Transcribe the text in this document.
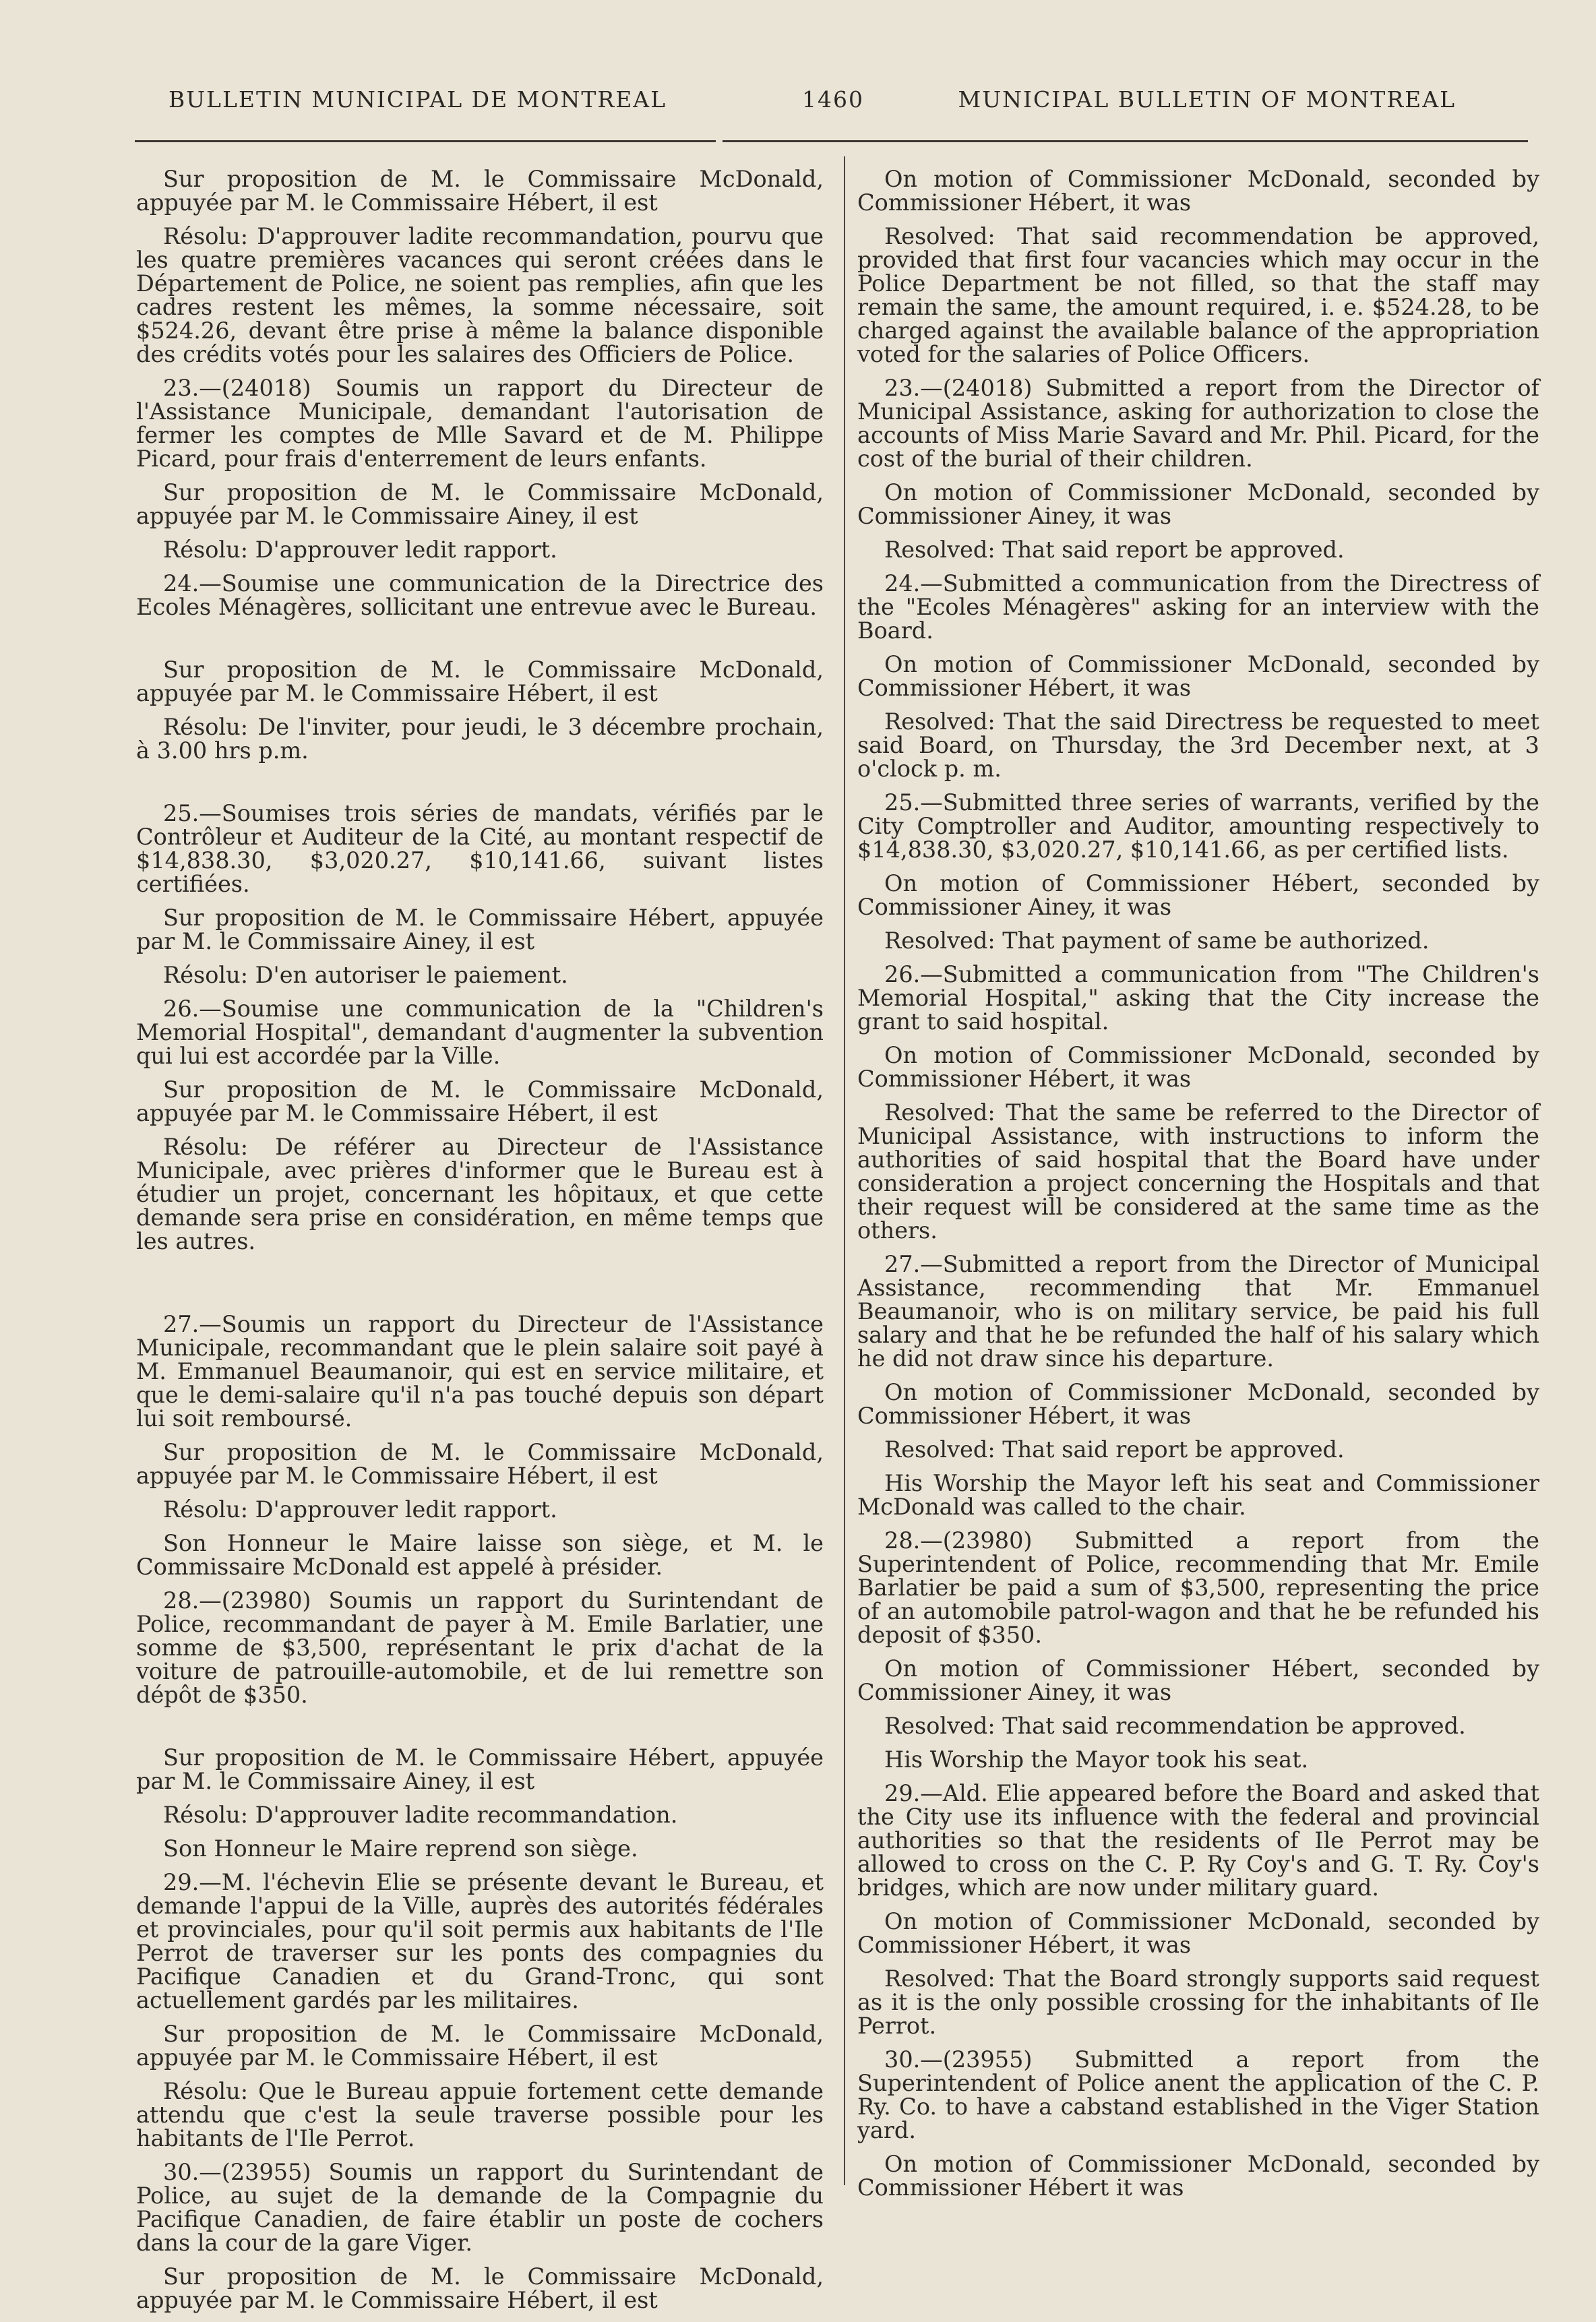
BULLETIN MUNICIPAL DE MONTREAL	1460	MUNICIPAL BULLETIN OF MONTREAL

Sur proposition de M. le Commissaire McDonald, appuyée par M. le Commissaire Hébert, il est

Résolu: D'approuver ladite recommandation, pourvu que les quatre premières vacances qui seront créées dans le Département de Police, ne soient pas remplies, afin que les cadres restent les mêmes, la somme nécessaire, soit $524.26, devant être prise à même la balance disponible des crédits votés pour les salaires des Officiers de Police.

23.—(24018) Soumis un rapport du Directeur de l'Assistance Municipale, demandant l'autorisation de fermer les comptes de Mlle Savard et de M. Philippe Picard, pour frais d'enterrement de leurs enfants.

Sur proposition de M. le Commissaire McDonald, appuyée par M. le Commissaire Ainey, il est

Résolu: D'approuver ledit rapport.

24.—Soumise une communication de la Directrice des Ecoles Ménagères, sollicitant une entrevue avec le Bureau.

Sur proposition de M. le Commissaire McDonald, appuyée par M. le Commissaire Hébert, il est

Résolu: De l'inviter, pour jeudi, le 3 décembre prochain, à 3.00 hrs p.m.

25.—Soumises trois séries de mandats, vérifiés par le Contrôleur et Auditeur de la Cité, au montant respectif de $14,838.30, $3,020.27, $10,141.66, suivant listes certifiées.

Sur proposition de M. le Commissaire Hébert, appuyée par M. le Commissaire Ainey, il est

Résolu: D'en autoriser le paiement.

26.—Soumise une communication de la "Children's Memorial Hospital", demandant d'augmenter la subvention qui lui est accordée par la Ville.

Sur proposition de M. le Commissaire McDonald, appuyée par M. le Commissaire Hébert, il est

Résolu: De référer au Directeur de l'Assistance Municipale, avec prières d'informer que le Bureau est à étudier un projet, concernant les hôpitaux, et que cette demande sera prise en considération, en même temps que les autres.

27.—Soumis un rapport du Directeur de l'Assistance Municipale, recommandant que le plein salaire soit payé à M. Emmanuel Beaumanoir, qui est en service militaire, et que le demi-salaire qu'il n'a pas touché depuis son départ lui soit remboursé.

Sur proposition de M. le Commissaire McDonald, appuyée par M. le Commissaire Hébert, il est

Résolu: D'approuver ledit rapport.

Son Honneur le Maire laisse son siège, et M. le Commissaire McDonald est appelé à présider.

28.—(23980) Soumis un rapport du Surintendant de Police, recommandant de payer à M. Emile Barlatier, une somme de $3,500, représentant le prix d'achat de la voiture de patrouille-automobile, et de lui remettre son dépôt de $350.

Sur proposition de M. le Commissaire Hébert, appuyée par M. le Commissaire Ainey, il est

Résolu: D'approuver ladite recommandation.

Son Honneur le Maire reprend son siège.

29.—M. l'échevin Elie se présente devant le Bureau, et demande l'appui de la Ville, auprès des autorités fédérales et provinciales, pour qu'il soit permis aux habitants de l'Ile Perrot de traverser sur les ponts des compagnies du Pacifique Canadien et du Grand-Tronc, qui sont actuellement gardés par les militaires.

Sur proposition de M. le Commissaire McDonald, appuyée par M. le Commissaire Hébert, il est

Résolu: Que le Bureau appuie fortement cette demande attendu que c'est la seule traverse possible pour les habitants de l'Ile Perrot.

30.—(23955) Soumis un rapport du Surintendant de Police, au sujet de la demande de la Compagnie du Pacifique Canadien, de faire établir un poste de cochers dans la cour de la gare Viger.

Sur proposition de M. le Commissaire McDonald, appuyée par M. le Commissaire Hébert, il est

On motion of Commissioner McDonald, seconded by Commissioner Hébert, it was

Resolved: That said recommendation be approved, provided that first four vacancies which may occur in the Police Department be not filled, so that the staff may remain the same, the amount required, i. e. $524.28, to be charged against the available balance of the appropriation voted for the salaries of Police Officers.

23.—(24018) Submitted a report from the Director of Municipal Assistance, asking for authorization to close the accounts of Miss Marie Savard and Mr. Phil. Picard, for the cost of the burial of their children.

On motion of Commissioner McDonald, seconded by Commissioner Ainey, it was

Resolved: That said report be approved.

24.—Submitted a communication from the Directress of the "Ecoles Ménagères" asking for an interview with the Board.

On motion of Commissioner McDonald, seconded by Commissioner Hébert, it was

Resolved: That the said Directress be requested to meet said Board, on Thursday, the 3rd December next, at 3 o'clock p. m.

25.—Submitted three series of warrants, verified by the City Comptroller and Auditor, amounting respectively to $14,838.30, $3,020.27, $10,141.66, as per certified lists.

On motion of Commissioner Hébert, seconded by Commissioner Ainey, it was

Resolved: That payment of same be authorized.

26.—Submitted a communication from "The Children's Memorial Hospital," asking that the City increase the grant to said hospital.

On motion of Commissioner McDonald, seconded by Commissioner Hébert, it was

Resolved: That the same be referred to the Director of Municipal Assistance, with instructions to inform the authorities of said hospital that the Board have under consideration a project concerning the Hospitals and that their request will be considered at the same time as the others.

27.—Submitted a report from the Director of Municipal Assistance, recommending that Mr. Emmanuel Beaumanoir, who is on military service, be paid his full salary and that he be refunded the half of his salary which he did not draw since his departure.

On motion of Commissioner McDonald, seconded by Commissioner Hébert, it was

Resolved: That said report be approved.

His Worship the Mayor left his seat and Commissioner McDonald was called to the chair.

28.—(23980) Submitted a report from the Superintendent of Police, recommending that Mr. Emile Barlatier be paid a sum of $3,500, representing the price of an automobile patrol-wagon and that he be refunded his deposit of $350.

On motion of Commissioner Hébert, seconded by Commissioner Ainey, it was

Resolved: That said recommendation be approved.

His Worship the Mayor took his seat.

29.—Ald. Elie appeared before the Board and asked that the City use its influence with the federal and provincial authorities so that the residents of Ile Perrot may be allowed to cross on the C. P. Ry Coy's and G. T. Ry. Coy's bridges, which are now under military guard.

On motion of Commissioner McDonald, seconded by Commissioner Hébert, it was

Resolved: That the Board strongly supports said request as it is the only possible crossing for the inhabitants of Ile Perrot.

30.—(23955) Submitted a report from the Superintendent of Police anent the application of the C. P. Ry. Co. to have a cabstand established in the Viger Station yard.

On motion of Commissioner McDonald, seconded by Commissioner Hébert it was
